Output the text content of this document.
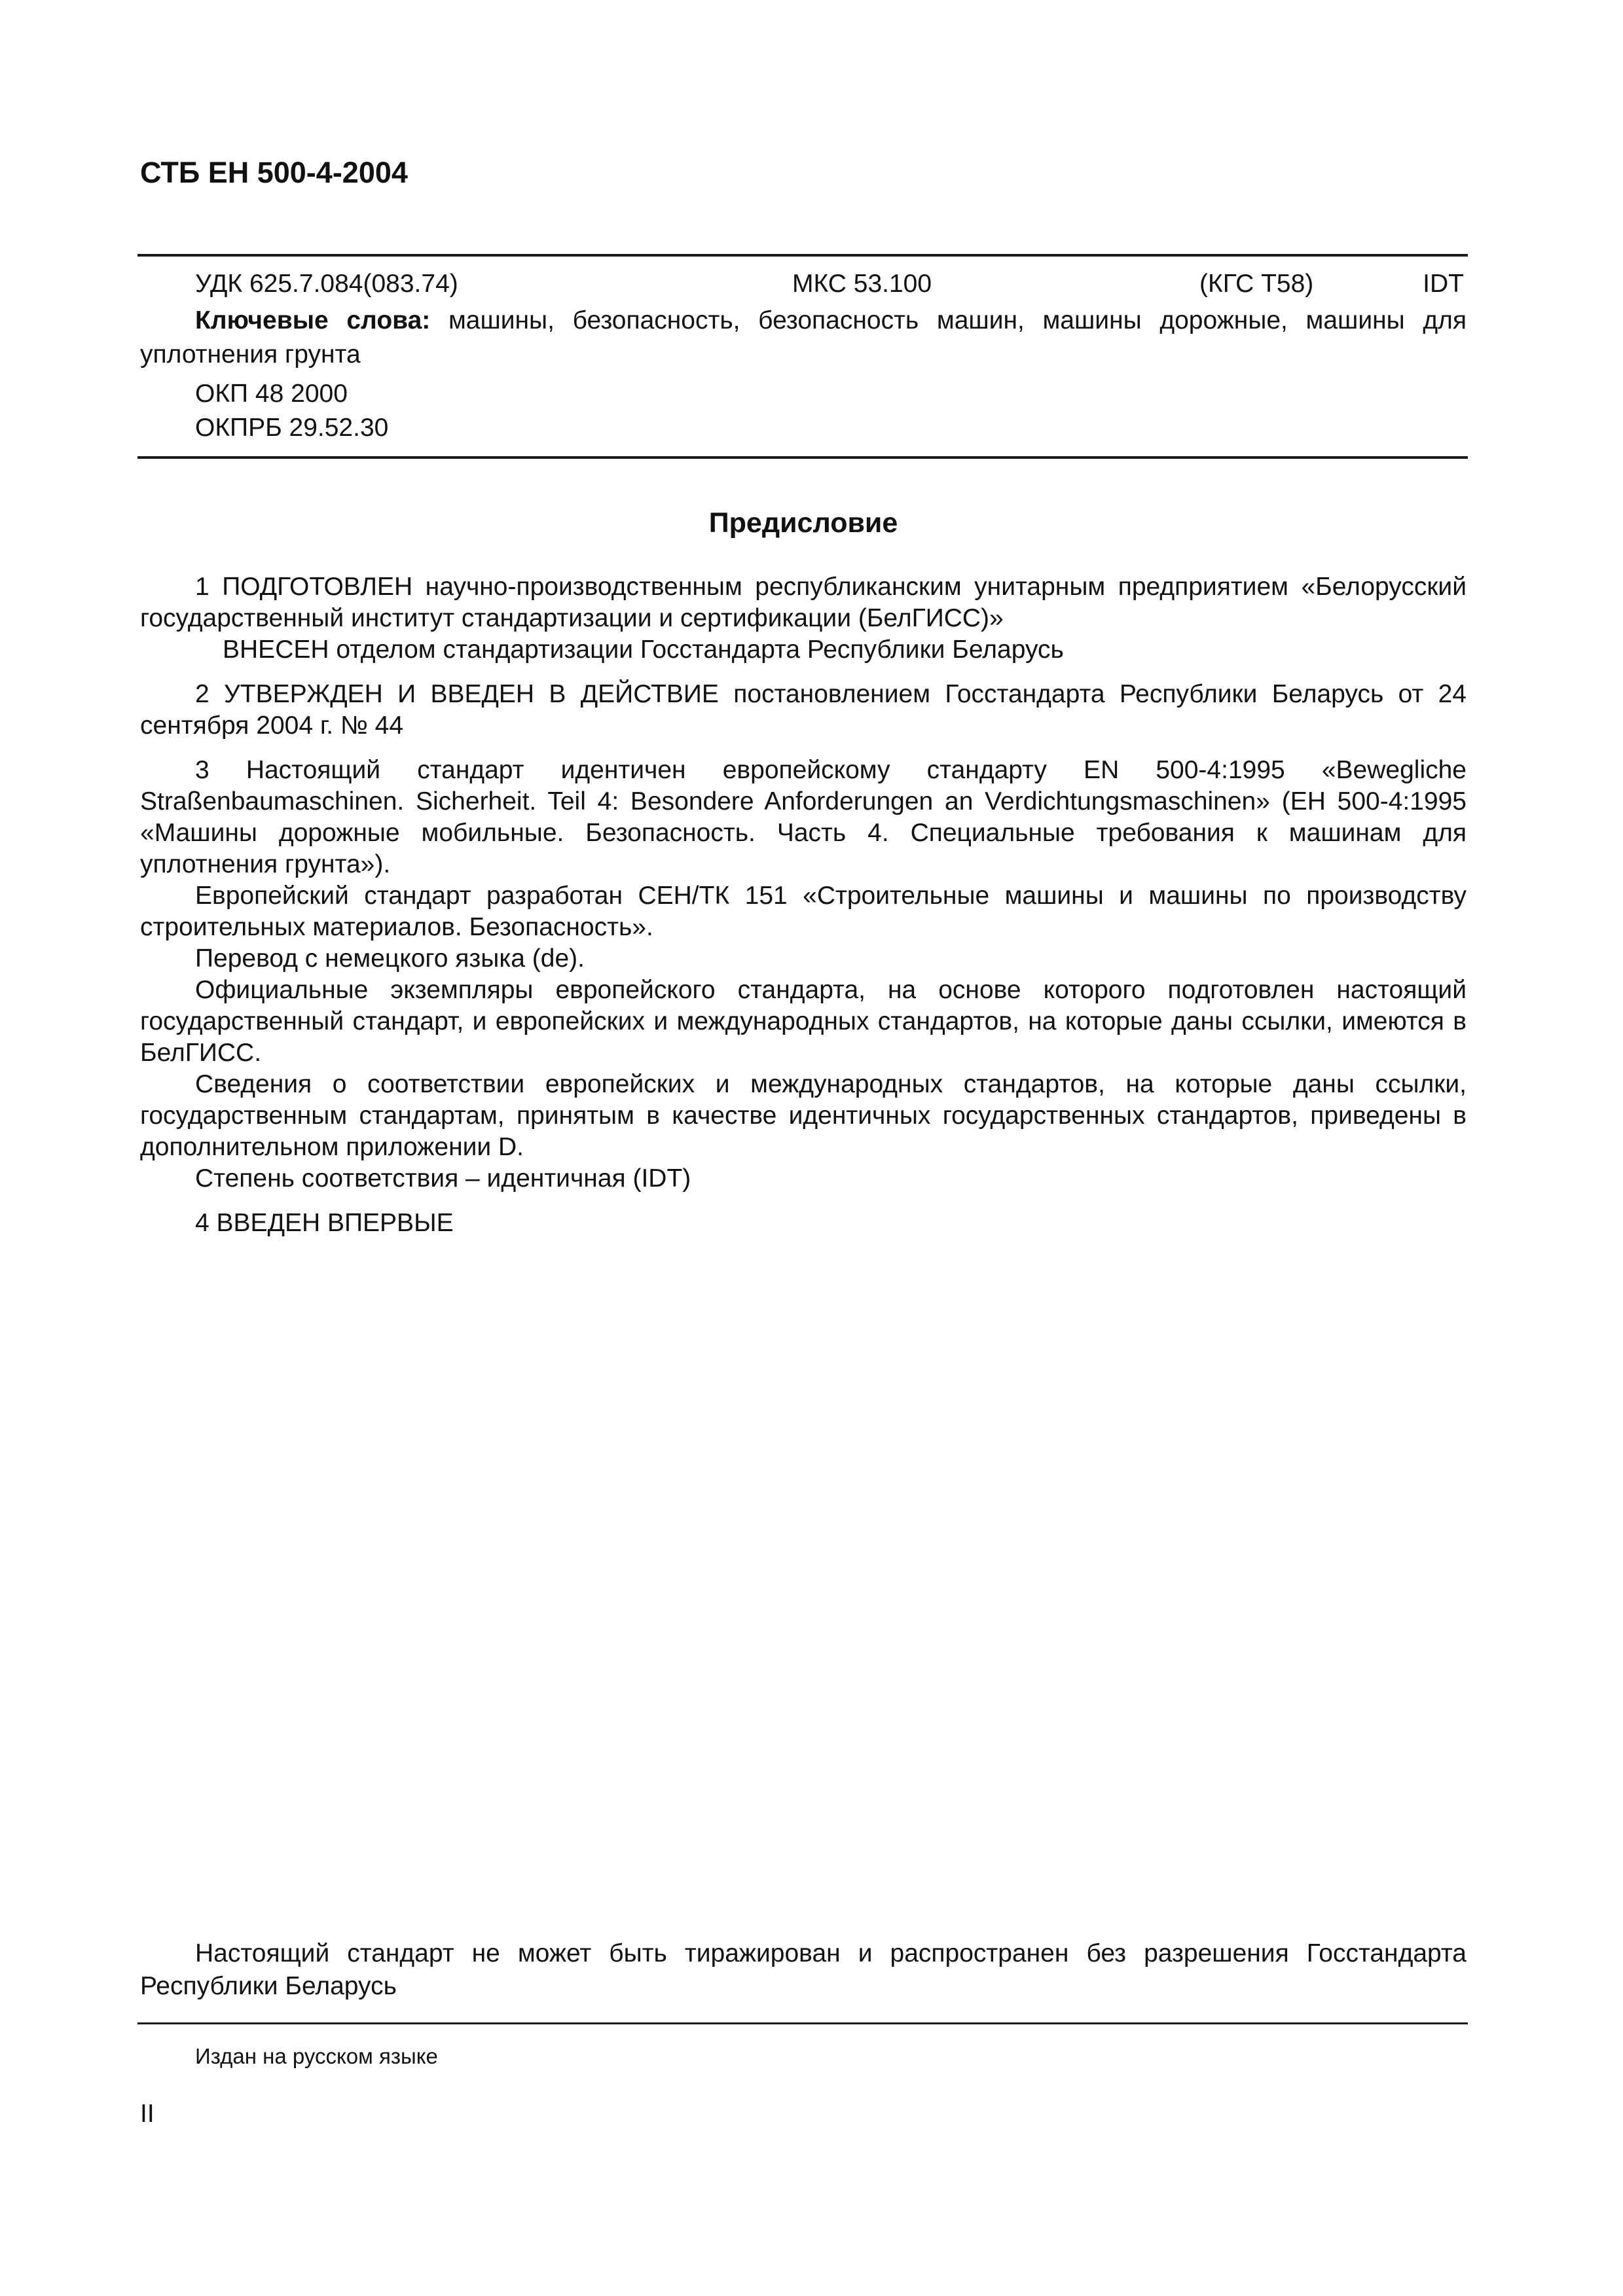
СТБ ЕН 500-4-2004
УДК 625.7.084(083.74)	МКС 53.100	(КГС Т58)	IDT
Ключевые слова: машины, безопасность, безопасность машин, машины дорожные, машины для уплотнения грунта
ОКП 48 2000
ОКПРБ 29.52.30
Предисловие

1 ПОДГОТОВЛЕН научно-производственным республиканским унитарным предприятием «Белорусский государственный институт стандартизации и сертификации (БелГИСС)»

ВНЕСЕН отделом стандартизации Госстандарта Республики Беларусь

2 УТВЕРЖДЕН И ВВЕДЕН В ДЕЙСТВИЕ постановлением Госстандарта Республики Беларусь от 24 сентября 2004 г. № 44

3 Настоящий стандарт идентичен европейскому стандарту EN 500-4:1995 «Bewegliche Straßenbaumaschinen. Sicherheit. Teil 4: Besondere Anforderungen an Verdichtungsmaschinen» (ЕН 500-4:1995 «Машины дорожные мобильные. Безопасность. Часть 4. Специальные требования к машинам для уплотнения грунта»).

Европейский стандарт разработан СЕН/ТК 151 «Строительные машины и машины по производству строительных материалов. Безопасность».

Перевод с немецкого языка (de).

Официальные экземпляры европейского стандарта, на основе которого подготовлен настоящий государственный стандарт, и европейских и международных стандартов, на которые даны ссылки, имеются в БелГИСС.

Сведения о соответствии европейских и международных стандартов, на которые даны ссылки, государственным стандартам, принятым в качестве идентичных государственных стандартов, приведены в дополнительном приложении D.

Степень соответствия – идентичная (IDT)

4 ВВЕДЕН ВПЕРВЫЕ

Настоящий стандарт не может быть тиражирован и распространен без разрешения Госстандарта Республики Беларусь
Издан на русском языке
II
